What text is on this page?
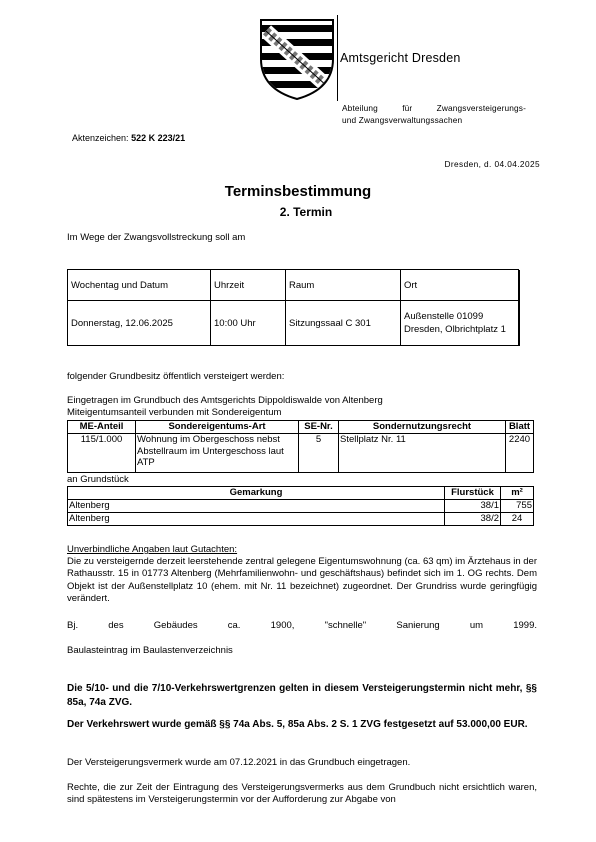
Amtsgericht Dresden
Abteilung für Zwangsversteigerungs-
und Zwangsverwaltungssachen
Aktenzeichen: 522 K 223/21
Dresden, d. 04.04.2025
Terminsbestimmung
2. Termin
Im Wege der Zwangsvollstreckung soll am
Wochentag und Datum	Uhrzeit	Raum	Ort
Donnerstag, 12.06.2025	10:00 Uhr	Sitzungssaal C 301	Außenstelle 01099 Dresden, Olbrichtplatz 1
folgender Grundbesitz öffentlich versteigert werden:
Eingetragen im Grundbuch des Amtsgerichts Dippoldiswalde von Altenberg
Miteigentumsanteil verbunden mit Sondereigentum
ME-Anteil	Sondereigentums-Art	SE-Nr.	Sondernutzungsrecht	Blatt
115/1.000	Wohnung im Obergeschoss nebst Abstellraum im Untergeschoss laut ATP	5	Stellplatz Nr. 11	2240
an Grundstück
Gemarkung	Flurstück	m²
Altenberg	38/1	755
Altenberg	38/2	24
Unverbindliche Angaben laut Gutachten:
Die zu versteigernde derzeit leerstehende zentral gelegene Eigentumswohnung (ca. 63 qm) im Ärztehaus in der Rathausstr. 15 in 01773 Altenberg (Mehrfamilienwohn- und geschäftshaus) befindet sich im 1. OG rechts. Dem Objekt ist der Außenstellplatz 10 (ehem. mit Nr. 11 bezeichnet) zugeordnet. Der Grundriss wurde geringfügig verändert.
Bj. des Gebäudes ca. 1900, "schnelle" Sanierung um 1999.
Baulasteintrag im Baulastenverzeichnis
Die 5/10- und die 7/10-Verkehrswertgrenzen gelten in diesem Versteigerungstermin nicht mehr, §§ 85a, 74a ZVG.
Der Verkehrswert wurde gemäß §§ 74a Abs. 5, 85a Abs. 2 S. 1 ZVG festgesetzt auf 53.000,00 EUR.
Der Versteigerungsvermerk wurde am 07.12.2021 in das Grundbuch eingetragen.
Rechte, die zur Zeit der Eintragung des Versteigerungsvermerks aus dem Grundbuch nicht ersichtlich waren, sind spätestens im Versteigerungstermin vor der Aufforderung zur Abgabe von
